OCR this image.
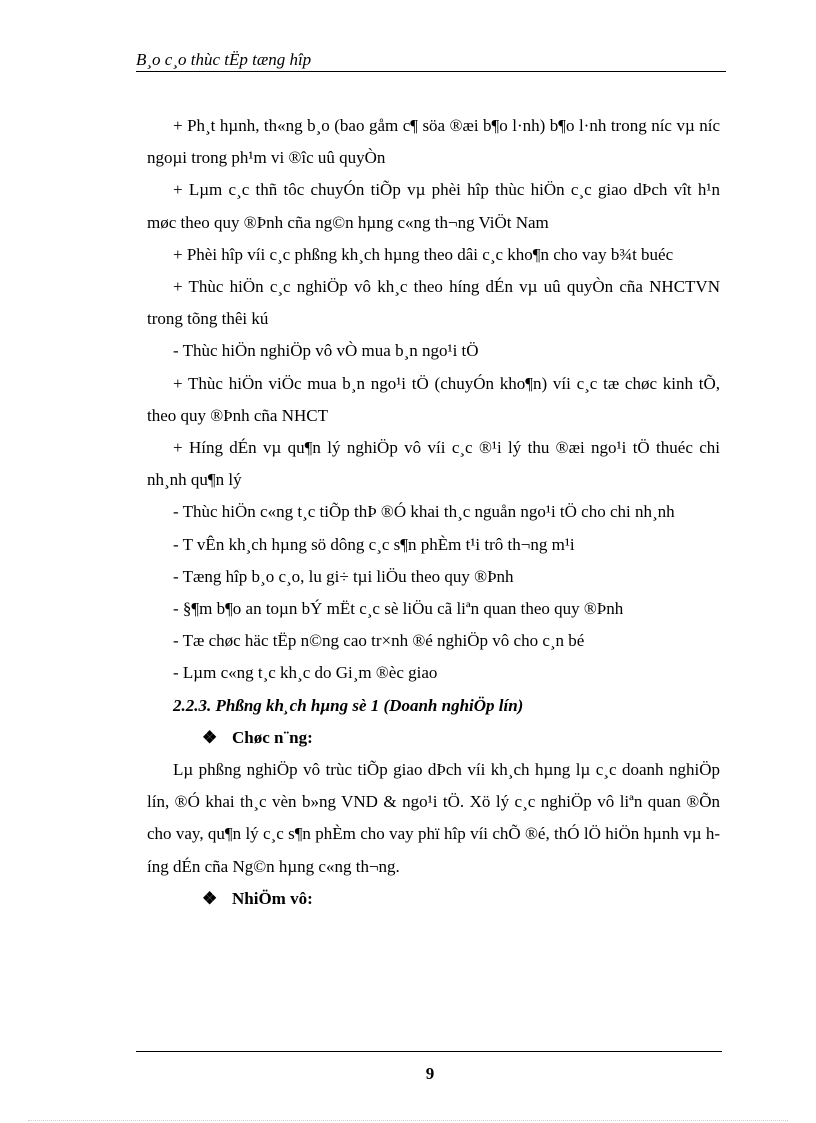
B¸o c¸o thùc tËp tæng hîp

+ Ph¸t hµnh, th«ng b¸o (bao gåm c¶ söa ®æi b¶o l·nh) b¶o l·nh trong níc vµ níc ngoµi trong ph¹m vi ®îc uû quyÒn

+ Lµm c¸c thñ tôc chuyÓn tiÕp vµ phèi hîp thùc hiÖn c¸c giao dÞch vît h¹n møc theo quy ®Þnh cña ng©n hµng c«ng th¬ng ViÖt Nam

+ Phèi hîp víi c¸c phßng kh¸ch hµng theo dâi c¸c kho¶n cho vay b¾t buéc

+ Thùc hiÖn c¸c nghiÖp vô kh¸c theo híng dÉn vµ uû quyÒn cña NHCTVN trong tõng thêi kú

- Thùc hiÖn nghiÖp vô vÒ mua b¸n ngo¹i tÖ

+ Thùc hiÖn viÖc mua b¸n ngo¹i tÖ (chuyÓn kho¶n) víi c¸c tæ chøc kinh tÕ, theo quy ®Þnh cña NHCT

+ Híng dÉn vµ qu¶n lý nghiÖp vô víi c¸c ®¹i lý thu ®æi ngo¹i tÖ thuéc chi nh¸nh qu¶n lý

- Thùc hiÖn c«ng t¸c tiÕp thÞ ®Ó khai th¸c nguån ngo¹i tÖ cho chi nh¸nh

- T vÊn kh¸ch hµng sö dông c¸c s¶n phÈm t¹i trô th¬ng m¹i

- Tæng hîp b¸o c¸o, lu gi÷ tµi liÖu theo quy ®Þnh

- §¶m b¶o an toµn bÝ mËt c¸c sè liÖu cã liªn quan theo quy ®Þnh

- Tæ chøc häc tËp n©ng cao tr×nh ®é nghiÖp vô cho c¸n bé

- Lµm c«ng t¸c kh¸c do Gi¸m ®èc giao

2.2.3. Phßng kh¸ch hµng sè 1 (Doanh nghiÖp lín)

❖ Chøc n¨ng:

Lµ phßng nghiÖp vô trùc tiÕp giao dÞch víi kh¸ch hµng lµ c¸c doanh nghiÖp lín, ®Ó khai th¸c vèn b»ng VND & ngo¹i tÖ. Xö lý c¸c nghiÖp vô liªn quan ®Õn cho vay, qu¶n lý c¸c s¶n phÈm cho vay phï hîp víi chÕ ®é, thÓ lÖ hiÖn hµnh vµ híng dÉn cña Ng©n hµng c«ng th¬ng.

❖ NhiÖm vô:

9
